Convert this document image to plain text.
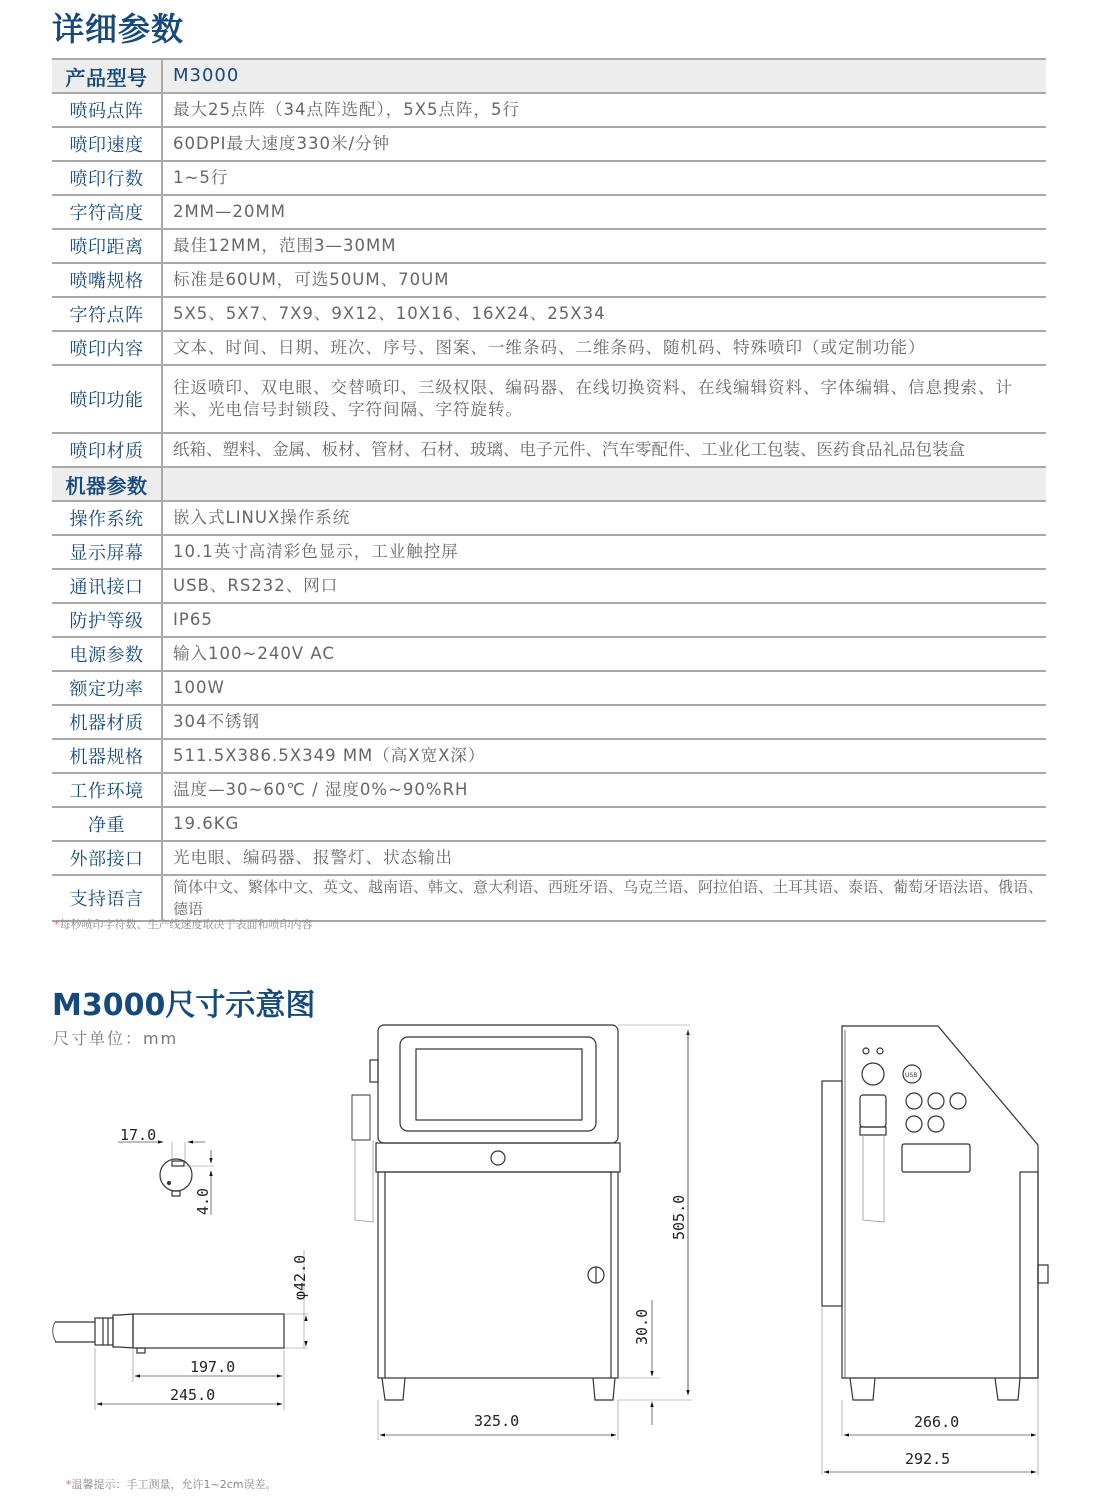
详细参数
产品型号	M3000
喷码点阵	最大25点阵（34点阵选配），5X5点阵，5行
喷印速度	60DPI最大速度330米/分钟
喷印行数	1~5行
字符高度	2MM—20MM
喷印距离	最佳12MM，范围3—30MM
喷嘴规格	标准是60UM，可选50UM、70UM
字符点阵	5X5、5X7、7X9、9X12、10X16、16X24、25X34
喷印内容	文本、时间、日期、班次、序号、图案、一维条码、二维条码、随机码、特殊喷印（或定制功能）
喷印功能	往返喷印、双电眼、交替喷印、三级权限、编码器、在线切换资料、在线编辑资料、字体编辑、信息搜索、计米、光电信号封锁段、字符间隔、字符旋转。
喷印材质	纸箱、塑料、金属、板材、管材、石材、玻璃、电子元件、汽车零配件、工业化工包装、医药食品礼品包装盒
机器参数	
操作系统	嵌入式LINUX操作系统
显示屏幕	10.1英寸高清彩色显示，工业触控屏
通讯接口	USB、RS232、网口
防护等级	IP65
电源参数	输入100~240V AC
额定功率	100W
机器材质	304不锈钢
机器规格	511.5X386.5X349 MM（高X宽X深）
工作环境	温度—30~60℃ / 湿度0%~90%RH
净重	19.6KG
外部接口	光电眼、编码器、报警灯、状态输出
支持语言	简体中文、繁体中文、英文、越南语、韩文、意大利语、西班牙语、乌克兰语、阿拉伯语、土耳其语、泰语、葡萄牙语法语、俄语、德语
*每秒喷印字符数、生产线速度取决于表面和喷印内容
M3000尺寸示意图
尺寸单位：mm
17.0
4.0
φ42.0
197.0
245.0
505.0
30.0
325.0
USB
266.0
292.5
*温馨提示：手工测量，允许1~2cm误差。
